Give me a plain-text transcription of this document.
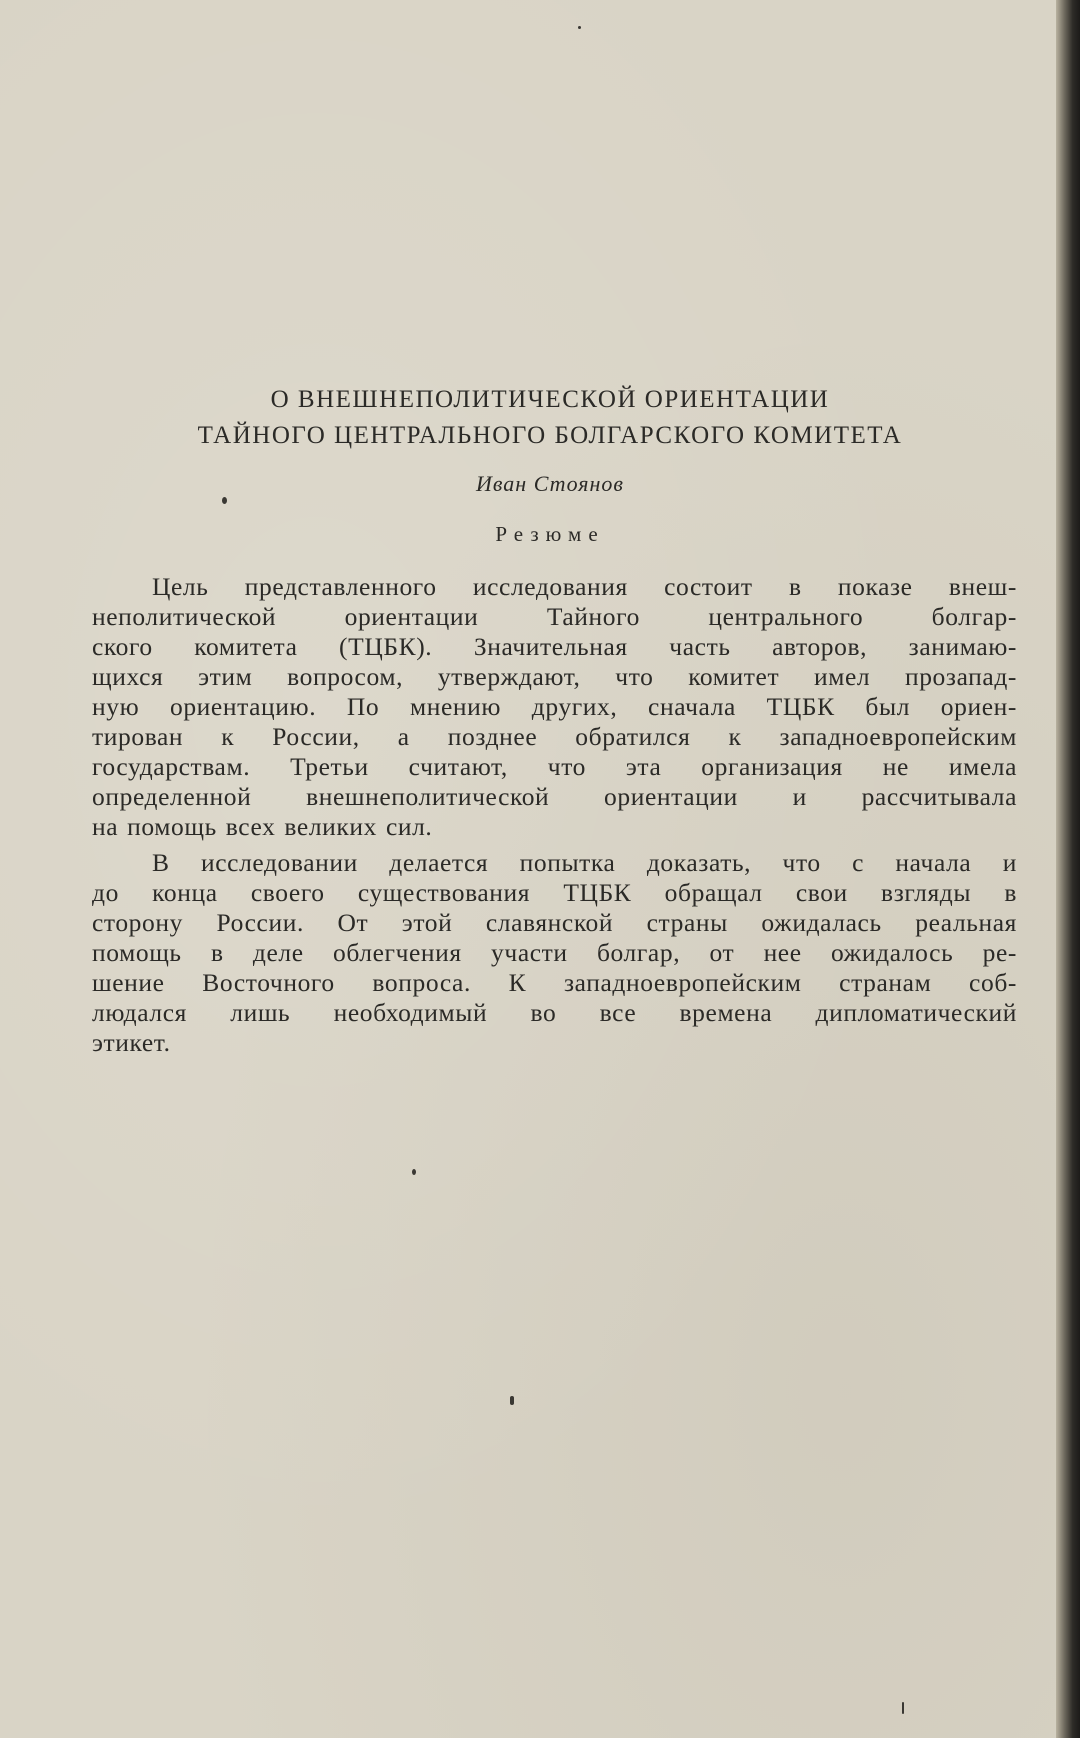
О ВНЕШНЕПОЛИТИЧЕСКОЙ ОРИЕНТАЦИИ
ТАЙНОГО ЦЕНТРАЛЬНОГО БОЛГАРСКОГО КОМИТЕТА
Иван Стоянов
Резюме
Цель представленного исследования состоит в показе внеш-
неполитической ориентации Тайного центрального болгар-
ского комитета (ТЦБК). Значительная часть авторов, занимаю-
щихся этим вопросом, утверждают, что комитет имел прозапад-
ную ориентацию. По мнению других, сначала ТЦБК был ориен-
тирован к России, а позднее обратился к западноевропейским
государствам. Третьи считают, что эта организация не имела
определенной внешнеполитической ориентации и рассчитывала
на помощь всех великих сил.
В исследовании делается попытка доказать, что с начала и
до конца своего существования ТЦБК обращал свои взгляды в
сторону России. От этой славянской страны ожидалась реальная
помощь в деле облегчения участи болгар, от нее ожидалось ре-
шение Восточного вопроса. К западноевропейским странам соб-
людался лишь необходимый во все времена дипломатический
этикет.
